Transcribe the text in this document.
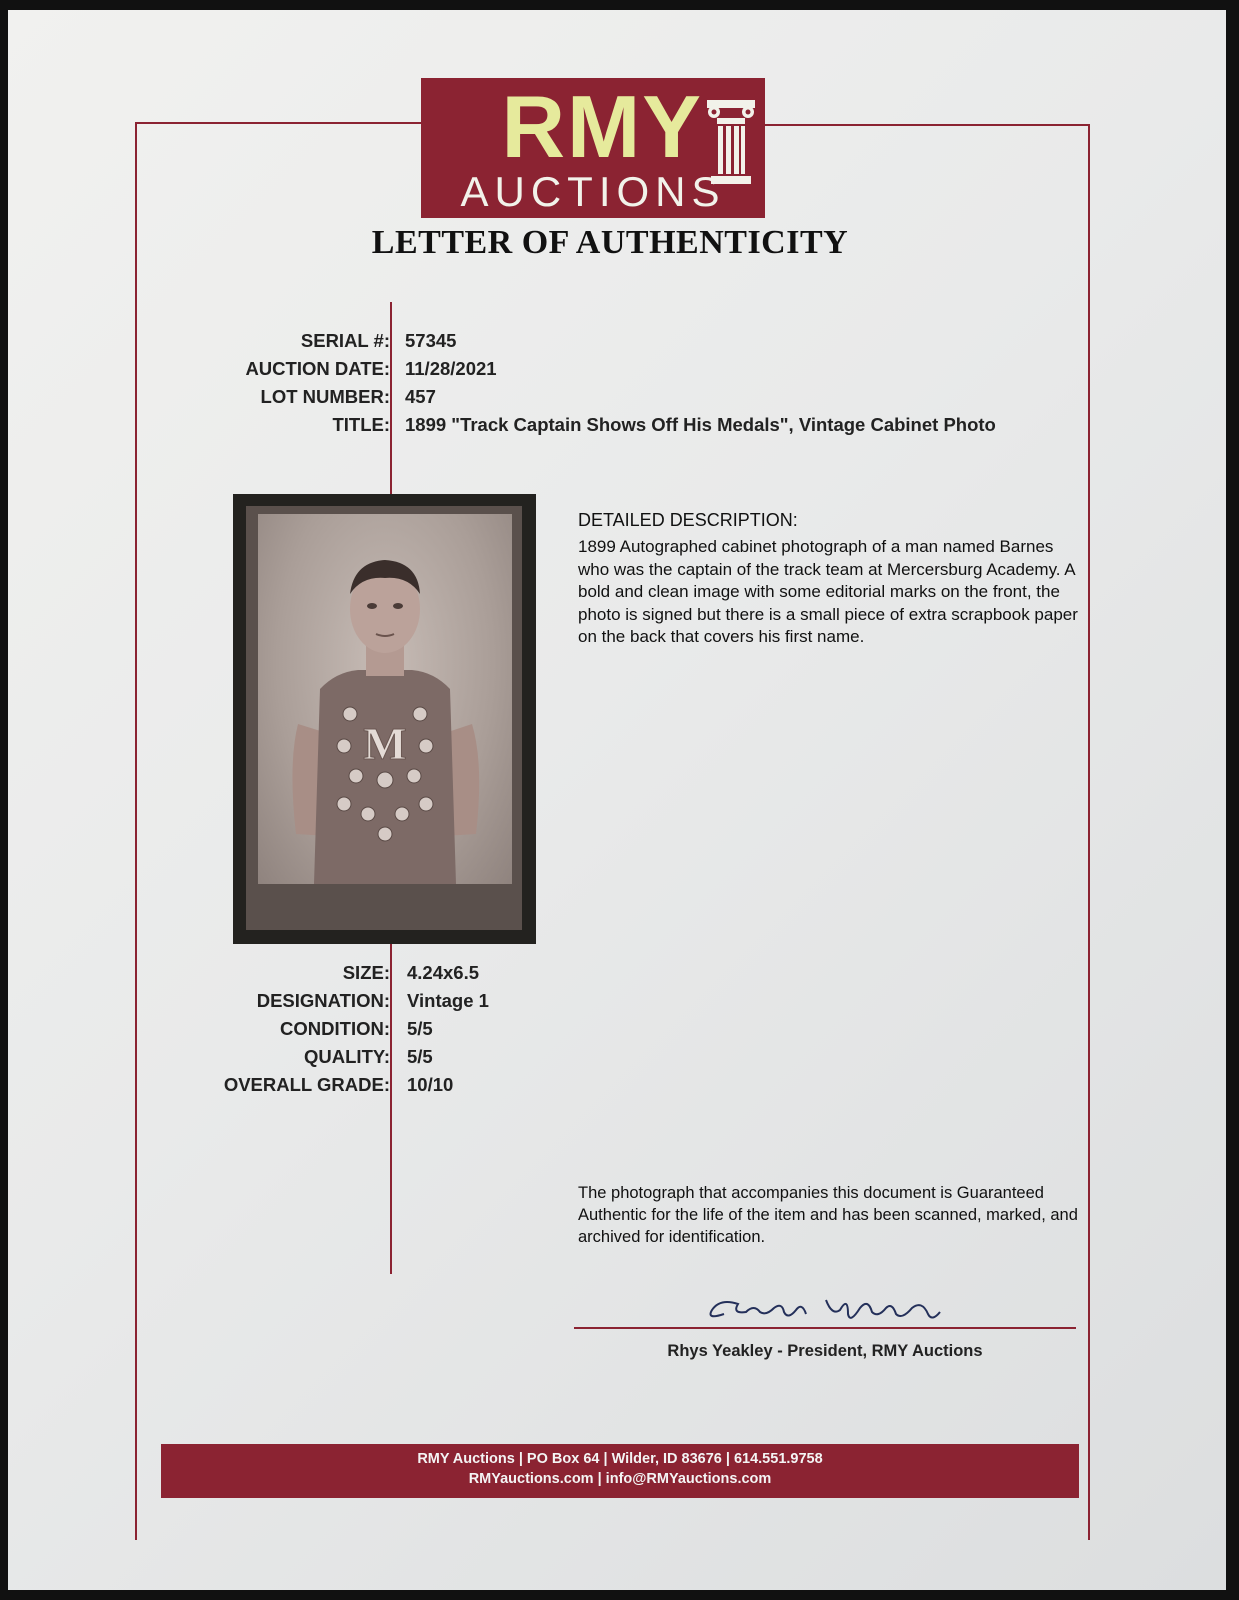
RMY
AUCTIONS
LETTER OF AUTHENTICITY
SERIAL #: 57345
AUCTION DATE: 11/28/2021
LOT NUMBER: 457
TITLE: 1899 "Track Captain Shows Off His Medals", Vintage Cabinet Photo
M
DETAILED DESCRIPTION:
1899 Autographed cabinet photograph of a man named Barnes who was the captain of the track team at Mercersburg Academy. A bold and clean image with some editorial marks on the front, the photo is signed but there is a small piece of extra scrapbook paper on the back that covers his first name.
SIZE: 4.24x6.5
DESIGNATION: Vintage 1
CONDITION: 5/5
QUALITY: 5/5
OVERALL GRADE: 10/10
The photograph that accompanies this document is Guaranteed Authentic for the life of the item and has been scanned, marked, and archived for identification.
Rhys Yeakley - President, RMY Auctions
RMY Auctions | PO Box 64 | Wilder, ID 83676 | 614.551.9758
RMYauctions.com | info@RMYauctions.com
